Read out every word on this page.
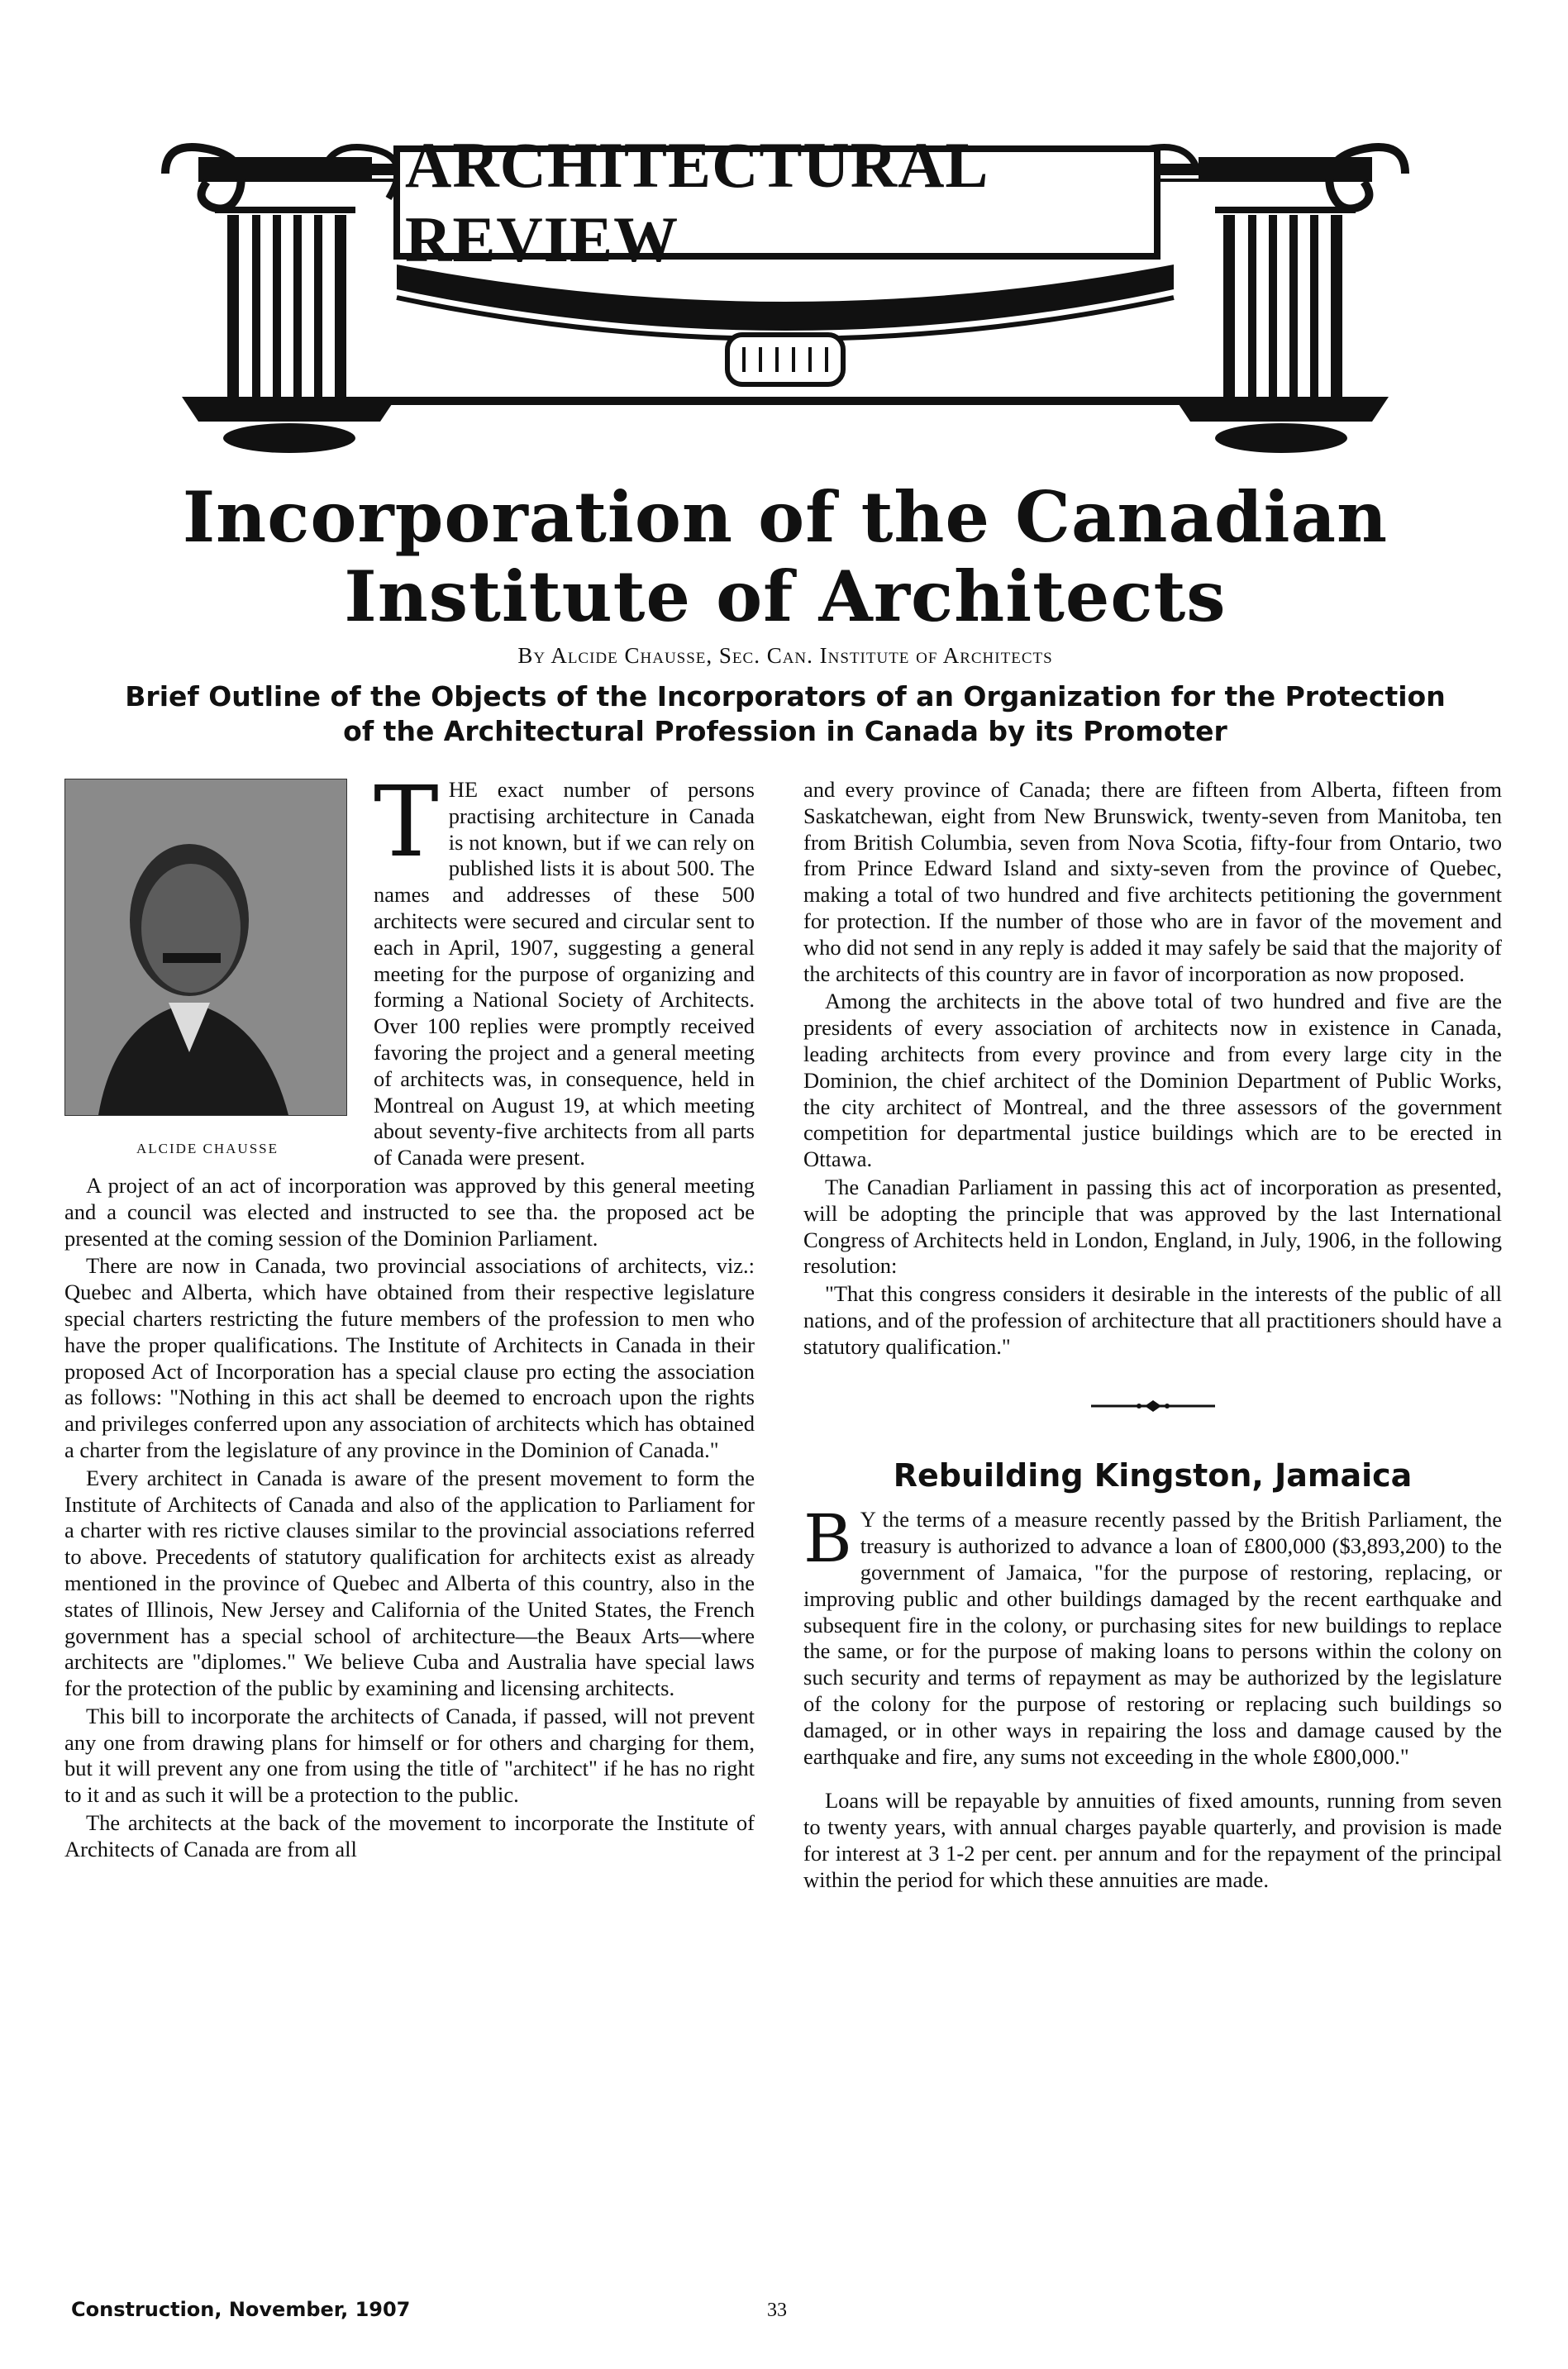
ARCHITECTURAL REVIEW
Incorporation of the Canadian Institute of Architects
By Alcide Chausse, Sec. Can. Institute of Architects
Brief Outline of the Objects of the Incorporators of an Organization for the Protection of the Architectural Profession in Canada by its Promoter
ALCIDE CHAUSSE

THE exact number of persons practising architecture in Canada is not known, but if we can rely on published lists it is about 500. The names and addresses of these 500 architects were secured and circular sent to each in April, 1907, suggesting a general meeting for the purpose of organizing and forming a National Society of Architects. Over 100 replies were promptly received favoring the project and a general meeting of architects was, in consequence, held in Montreal on August 19, at which meeting about seventy-five architects from all parts of Canada were present.

A project of an act of incorporation was approved by this general meeting and a council was elected and instructed to see tha. the proposed act be presented at the coming session of the Dominion Parliament.

There are now in Canada, two provincial associations of architects, viz.: Quebec and Alberta, which have obtained from their respective legislature special charters restricting the future members of the profession to men who have the proper qualifications. The Institute of Architects in Canada in their proposed Act of Incorporation has a special clause pro ecting the association as follows: "Nothing in this act shall be deemed to encroach upon the rights and privileges conferred upon any association of architects which has obtained a charter from the legislature of any province in the Dominion of Canada."

Every architect in Canada is aware of the present movement to form the Institute of Architects of Canada and also of the application to Parliament for a charter with res rictive clauses similar to the provincial associations referred to above. Precedents of statutory qualification for architects exist as already mentioned in the province of Quebec and Alberta of this country, also in the states of Illinois, New Jersey and California of the United States, the French government has a special school of architecture—the Beaux Arts—where architects are "diplomes." We believe Cuba and Australia have special laws for the protection of the public by examining and licensing architects.

This bill to incorporate the architects of Canada, if passed, will not prevent any one from drawing plans for himself or for others and charging for them, but it will prevent any one from using the title of "architect" if he has no right to it and as such it will be a protection to the public.

The architects at the back of the movement to incorporate the Institute of Architects of Canada are from all

and every province of Canada; there are fifteen from Alberta, fifteen from Saskatchewan, eight from New Brunswick, twenty-seven from Manitoba, ten from British Columbia, seven from Nova Scotia, fifty-four from Ontario, two from Prince Edward Island and sixty-seven from the province of Quebec, making a total of two hundred and five architects petitioning the government for protection. If the number of those who are in favor of the movement and who did not send in any reply is added it may safely be said that the majority of the architects of this country are in favor of incorporation as now proposed.

Among the architects in the above total of two hundred and five are the presidents of every association of architects now in existence in Canada, leading architects from every province and from every large city in the Dominion, the chief architect of the Dominion Department of Public Works, the city architect of Montreal, and the three assessors of the government competition for departmental justice buildings which are to be erected in Ottawa.

The Canadian Parliament in passing this act of incorporation as presented, will be adopting the principle that was approved by the last International Congress of Architects held in London, England, in July, 1906, in the following resolution:

"That this congress considers it desirable in the interests of the public of all nations, and of the profession of architecture that all practitioners should have a statutory qualification."

Rebuilding Kingston, Jamaica

B Y the terms of a measure recently passed by the British Parliament, the treasury is authorized to advance a loan of £800,000 ($3,893,200) to the government of Jamaica, "for the purpose of restoring, replacing, or improving public and other buildings damaged by the recent earthquake and subsequent fire in the colony, or purchasing sites for new buildings to replace the same, or for the purpose of making loans to persons within the colony on such security and terms of repayment as may be authorized by the legislature of the colony for the purpose of restoring or replacing such buildings so damaged, or in other ways in repairing the loss and damage caused by the earthquake and fire, any sums not exceeding in the whole £800,000."

Loans will be repayable by annuities of fixed amounts, running from seven to twenty years, with annual charges payable quarterly, and provision is made for interest at 3 1-2 per cent. per annum and for the repayment of the principal within the period for which these annuities are made.

Construction, November, 1907	33
